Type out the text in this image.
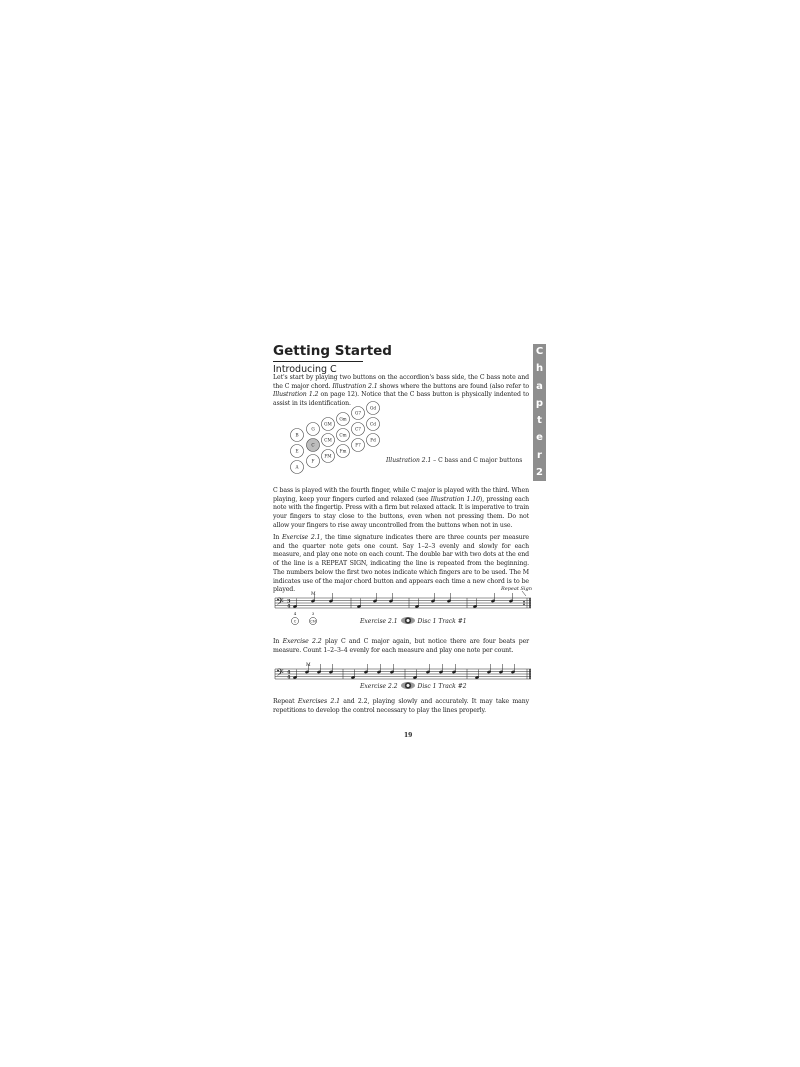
Getting Started
Introducing C
C
h
a
p
t
e
r
2

Let's start by playing two buttons on the accordion's bass side, the C bass note and the C major chord. Illustration 2.1 shows where the buttons are found (also refer to Illustration 1.2 on page 12). Notice that the C bass button is physically indented to assist in its identification.

B
E
A
G
C
F
GM
CM
FM
Gm
Cm
Fm
G7
C7
F7
Gd
Cd
Fd
Illustration 2.1 – C bass and C major buttons

C bass is played with the fourth finger, while C major is played with the third. When playing, keep your fingers curled and relaxed (see Illustration 1.10), pressing each note with the fingertip. Press with a firm but relaxed attack. It is imperative to train your fingers to stay close to the buttons, even when not pressing them. Do not allow your fingers to rise away uncontrolled from the buttons when not in use.

In Exercise 2.1, the time signature indicates there are three counts per measure and the quarter note gets one count. Say 1–2–3 evenly and slowly for each measure, and play one note on each count. The double bar with two dots at the end of the line is a REPEAT SIGN, indicating the line is repeated from the beginning. The numbers below the first two notes indicate which fingers are to be used. The M indicates use of the major chord button and appears each time a new chord is to be played.

𝄢 3
4
M
Repeat Sign
4	3
C	CM	Exercise 2.1	Disc 1 Track #1

In Exercise 2.2 play C and C major again, but notice there are four beats per measure. Count 1–2–3–4 evenly for each measure and play one note per count.

𝄢 4
4
M
Exercise 2.2	Disc 1 Track #2

Repeat Exercises 2.1 and 2.2, playing slowly and accurately. It may take many repetitions to develop the control necessary to play the lines properly.

19
